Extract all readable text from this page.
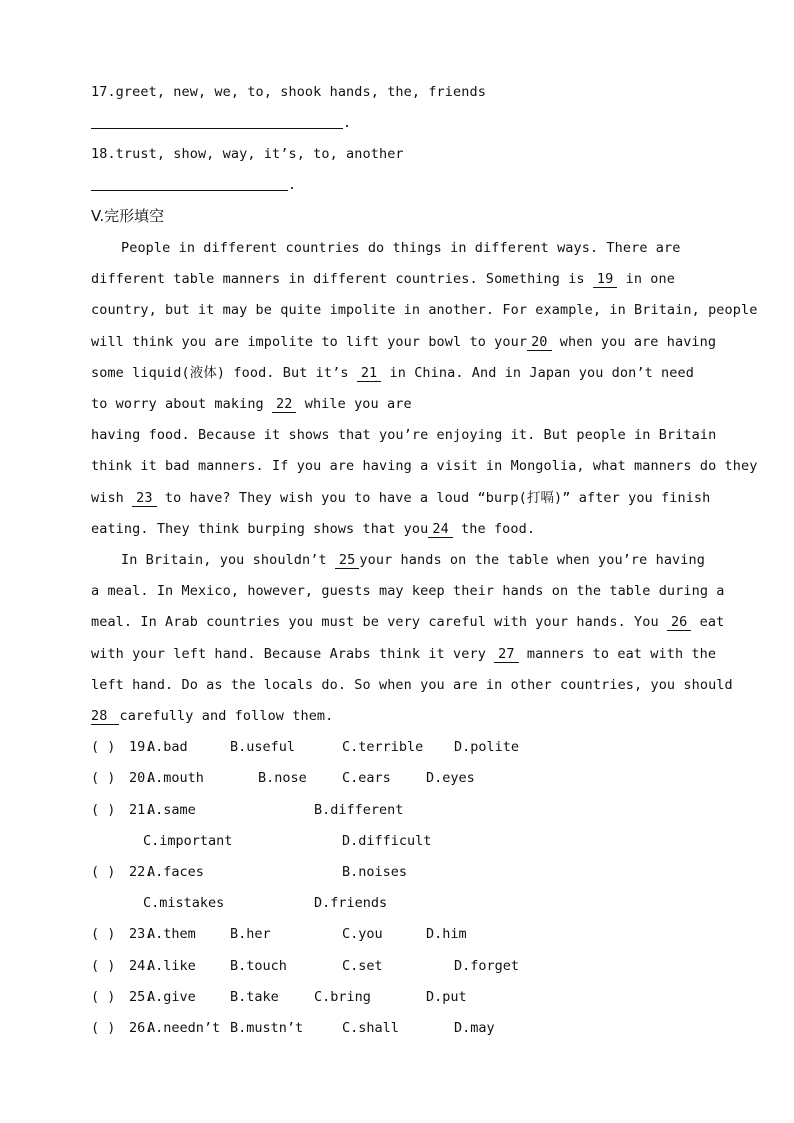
17.greet, new, we, to, shook hands, the, friends
.
18.trust, show, way, it’s, to, another
.
V.完形填空
People in different countries do things in different ways. There are
different table manners in different countries. Something is 19 in one
country, but it may be quite impolite in another. For example, in Britain, people
will think you are impolite to lift your bowl to your 20 when you are having
some liquid(液体) food. But it’s 21 in China. And in Japan you don’t need
to worry about making 22 while you are
having food. Because it shows that you’re enjoying it. But people in Britain
think it bad manners. If you are having a visit in Mongolia, what manners do they
wish 23 to have? They wish you to have a loud “burp(打嗝)” after you finish
eating. They think burping shows that you 24 the food.
In Britain, you shouldn’t 25 your hands on the table when you’re having
a meal. In Mexico, however, guests may keep their hands on the table during a
meal. In Arab countries you must be very careful with your hands. You 26 eat
with your left hand. Because Arabs think it very 27 manners to eat with the
left hand. Do as the locals do. So when you are in other countries, you should
28 carefully and follow them.
( ) 19.
A.bad	B.useful	C.terrible D.polite
( ) 20.
A.mouth	B.nose	C.ears	D.eyes
( ) 21.
A.same	B.different
C.important	D.difficult
( ) 22.
A.faces	B.noises
C.mistakes	D.friends
( ) 23.
A.them	B.her	C.you	D.him
( ) 24.
A.like	B.touch	C.set	D.forget
( ) 25.
A.give	B.take	C.bring	D.put
( ) 26.
A.needn’t B.mustn’t	C.shall	D.may
